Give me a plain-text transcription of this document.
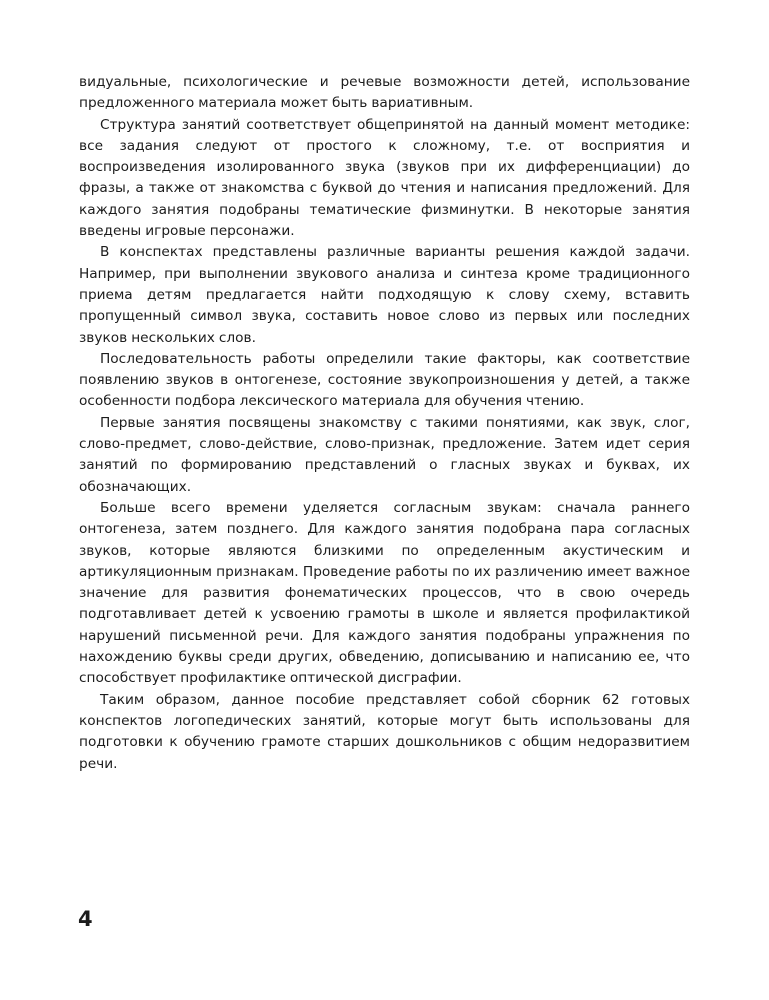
видуальные, психологические и речевые возможности детей, использование предложенного материала может быть вариативным.

Структура занятий соответствует общепринятой на данный момент методике: все задания следуют от простого к сложному, т.е. от восприятия и воспроизведения изолированного звука (звуков при их дифференциации) до фразы, а также от знакомства с буквой до чтения и написания предложений. Для каждого занятия подобраны тематические физминутки. В некоторые занятия введены игровые персонажи.

В конспектах представлены различные варианты решения каждой задачи. Например, при выполнении звукового анализа и синтеза кроме традиционного приема детям предлагается найти подходящую к слову схему, вставить пропущенный символ звука, составить новое слово из первых или последних звуков нескольких слов.

Последовательность работы определили такие факторы, как соответствие появлению звуков в онтогенезе, состояние звукопроизношения у детей, а также особенности подбора лексического материала для обучения чтению.

Первые занятия посвящены знакомству с такими понятиями, как звук, слог, слово-предмет, слово-действие, слово-признак, предложение. Затем идет серия занятий по формированию представлений о гласных звуках и буквах, их обозначающих.

Больше всего времени уделяется согласным звукам: сначала раннего онтогенеза, затем позднего. Для каждого занятия подобрана пара согласных звуков, которые являются близкими по определенным акустическим и артикуляционным признакам. Проведение работы по их различению имеет важное значение для развития фонематических процессов, что в свою очередь подготавливает детей к усвоению грамоты в школе и является профилактикой нарушений письменной речи. Для каждого занятия подобраны упражнения по нахождению буквы среди других, обведению, дописыванию и написанию ее, что способствует профилактике оптической дисграфии.

Таким образом, данное пособие представляет собой сборник 62 готовых конспектов логопедических занятий, которые могут быть использованы для подготовки к обучению грамоте старших дошкольников с общим недоразвитием речи.

4
